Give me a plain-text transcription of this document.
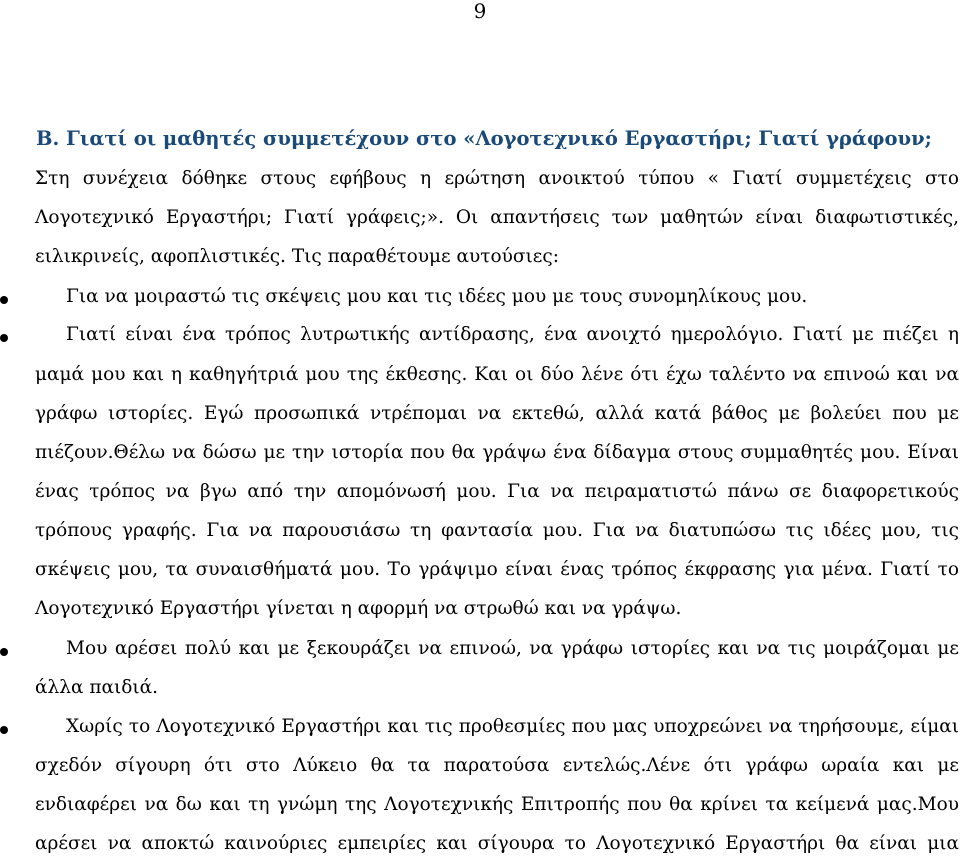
9
Β. Γιατί οι μαθητές συμμετέχουν στο «Λογοτεχνικό Εργαστήρι; Γιατί γράφουν;
Στη συνέχεια δόθηκε στους εφήβους η ερώτηση ανοικτού τύπου « Γιατί συμμετέχεις στο
Λογοτεχνικό Εργαστήρι; Γιατί γράφεις;». Οι απαντήσεις των μαθητών είναι διαφωτιστικές,
ειλικρινείς, αφοπλιστικές. Τις παραθέτουμε αυτούσιες:
Για να μοιραστώ τις σκέψεις μου και τις ιδέες μου με τους συνομηλίκους μου.
Γιατί είναι ένα τρόπος λυτρωτικής αντίδρασης, ένα ανοιχτό ημερολόγιο. Γιατί με πιέζει η
μαμά μου και η καθηγήτριά μου της έκθεσης. Και οι δύο λένε ότι έχω ταλέντο να επινοώ και να
γράφω ιστορίες. Εγώ προσωπικά ντρέπομαι να εκτεθώ, αλλά κατά βάθος με βολεύει που με
πιέζουν.Θέλω να δώσω με την ιστορία που θα γράψω ένα δίδαγμα στους συμμαθητές μου. Είναι
ένας τρόπος να βγω από την απομόνωσή μου. Για να πειραματιστώ πάνω σε διαφορετικούς
τρόπους γραφής. Για να παρουσιάσω τη φαντασία μου. Για να διατυπώσω τις ιδέες μου, τις
σκέψεις μου, τα συναισθήματά μου. Το γράψιμο είναι ένας τρόπος έκφρασης για μένα. Γιατί το
Λογοτεχνικό Εργαστήρι γίνεται η αφορμή να στρωθώ και να γράψω.
Μου αρέσει πολύ και με ξεκουράζει να επινοώ, να γράφω ιστορίες και να τις μοιράζομαι με
άλλα παιδιά.
Χωρίς το Λογοτεχνικό Εργαστήρι και τις προθεσμίες που μας υποχρεώνει να τηρήσουμε, είμαι
σχεδόν σίγουρη ότι στο Λύκειο θα τα παρατούσα εντελώς.Λένε ότι γράφω ωραία και με
ενδιαφέρει να δω και τη γνώμη της Λογοτεχνικής Επιτροπής που θα κρίνει τα κείμενά μας.Μου
αρέσει να αποκτώ καινούριες εμπειρίες και σίγουρα το Λογοτεχνικό Εργαστήρι θα είναι μια
